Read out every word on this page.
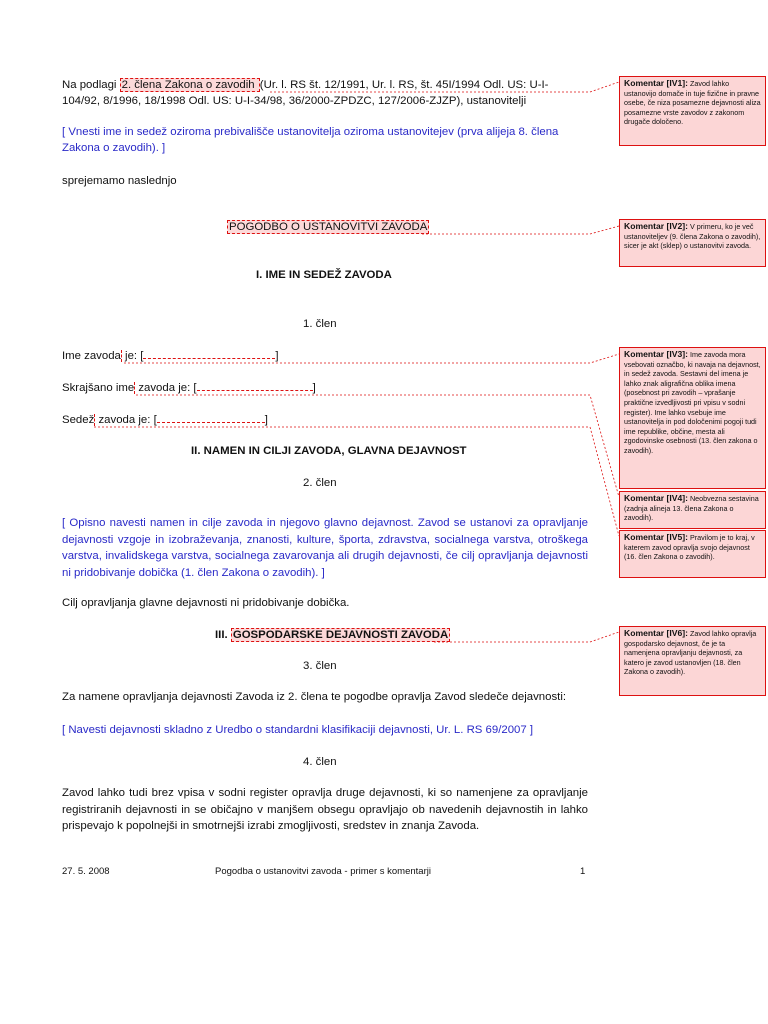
Na podlagi 2. člena Zakona o zavodih (Ur. l. RS št. 12/1991, Ur. l. RS, št. 45I/1994 Odl. US: U-I-
104/92, 8/1996, 18/1998 Odl. US: U-I-34/98, 36/2000-ZPDZC, 127/2006-ZJZP), ustanovitelji
[ Vnesti ime in sedež oziroma prebivališče ustanovitelja oziroma ustanovitejev (prva alijeja 8. člena
Zakona o zavodih). ]
sprejemamo naslednjo
POGODBO O USTANOVITVI ZAVODA
I. IME IN SEDEŽ ZAVODA
1. člen
Ime zavoda je: [	]
Skrajšano ime zavoda je: [	]
Sedež zavoda je: [	]
II. NAMEN IN CILJI ZAVODA, GLAVNA DEJAVNOST
2. člen
[ Opisno navesti namen in cilje zavoda in njegovo glavno dejavnost. Zavod se ustanovi za opravljanje dejavnosti vzgoje in izobraževanja, znanosti, kulture, športa, zdravstva, socialnega varstva, otroškega varstva, invalidskega varstva, socialnega zavarovanja ali drugih dejavnosti, če cilj opravljanja dejavnosti ni pridobivanje dobička (1. člen Zakona o zavodih). ]
Cilj opravljanja glavne dejavnosti ni pridobivanje dobička.
III. GOSPODARSKE DEJAVNOSTI ZAVODA
3. člen
Za namene opravljanja dejavnosti Zavoda iz 2. člena te pogodbe opravlja Zavod sledeče dejavnosti:
[ Navesti dejavnosti skladno z Uredbo o standardni klasifikaciji dejavnosti, Ur. L. RS 69/2007 ]
4. člen
Zavod lahko tudi brez vpisa v sodni register opravlja druge dejavnosti, ki so namenjene za opravljanje registriranih dejavnosti in se običajno v manjšem obsegu opravljajo ob navedenih dejavnostih in lahko prispevajo k popolnejši in smotrnejši izrabi zmogljivosti, sredstev in znanja Zavoda.
27. 5. 2008	Pogodba o ustanovitvi zavoda - primer s komentarji	1
Komentar [IV1]: Zavod lahko ustanovijo domače in tuje fizične in pravne osebe, če niza posamezne dejavnosti aliza posamezne vrste zavodov z zakonom drugače določeno.
Komentar [IV2]: V primeru, ko je več ustanoviteljev (9. člena Zakona o zavodih), sicer je akt (sklep) o ustanovitvi zavoda.
Komentar [IV3]: Ime zavoda mora vsebovati označbo, ki navaja na dejavnost, in sedež zavoda. Sestavni del imena je lahko znak aligrafična oblika imena (posebnost pri zavodih – vprašanje praktične izvedljivosti pri vpisu v sodni register). Ime lahko vsebuje ime ustanovitelja in pod določenimi pogoji tudi ime republike, občine, mesta ali zgodovinske osebnosti (13. člen zakona o zavodih).
Komentar [IV4]: Neobvezna sestavina (zadnja alineja 13. člena Zakona o zavodih).
Komentar [IV5]: Pravilom je to kraj, v katerem zavod opravlja svojo dejavnost (16. člen Zakona o zavodih).
Komentar [IV6]: Zavod lahko opravlja gospodarsko dejavnost, če je ta namenjena opravljanju dejavnosti, za katero je zavod ustanovljen (18. člen Zakona o zavodih).
